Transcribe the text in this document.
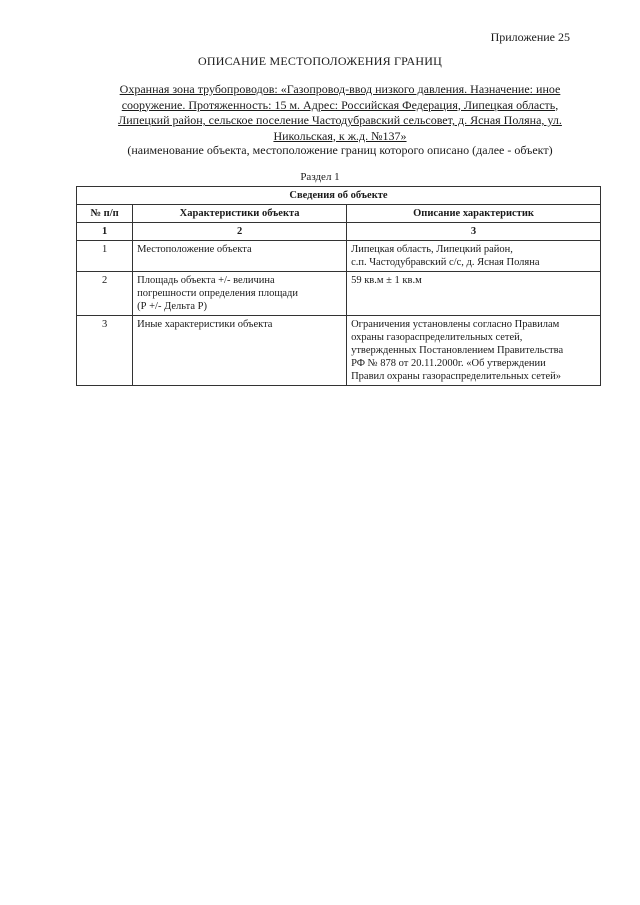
Приложение 25
ОПИСАНИЕ МЕСТОПОЛОЖЕНИЯ ГРАНИЦ
Охранная зона трубопроводов: «Газопровод-ввод низкого давления. Назначение: иное
сооружение. Протяженность: 15 м. Адрес: Российская Федерация, Липецкая область,
Липецкий район, сельское поселение Частодубравский сельсовет, д. Ясная Поляна, ул.
Никольская, к ж.д. №137»
(наименование объекта, местоположение границ которого описано (далее - объект)
Раздел 1
Сведения об объекте		
№ п/п	Характеристики объекта	Описание характеристик
1	2	3
1	Местоположение объекта	Липецкая область, Липецкий район,
с.п. Частодубравский с/с, д. Ясная Поляна

2	Площадь объекта +/- величина
погрешности определения площади
(Р +/- Дельта Р)	59 кв.м ± 1 кв.м

3	Иные характеристики объекта	Ограничения установлены согласно Правилам
охраны газораспределительных сетей,
утвержденных Постановлением Правительства
РФ № 878 от 20.11.2000г. «Об утверждении
Правил охраны газораспределительных сетей»
